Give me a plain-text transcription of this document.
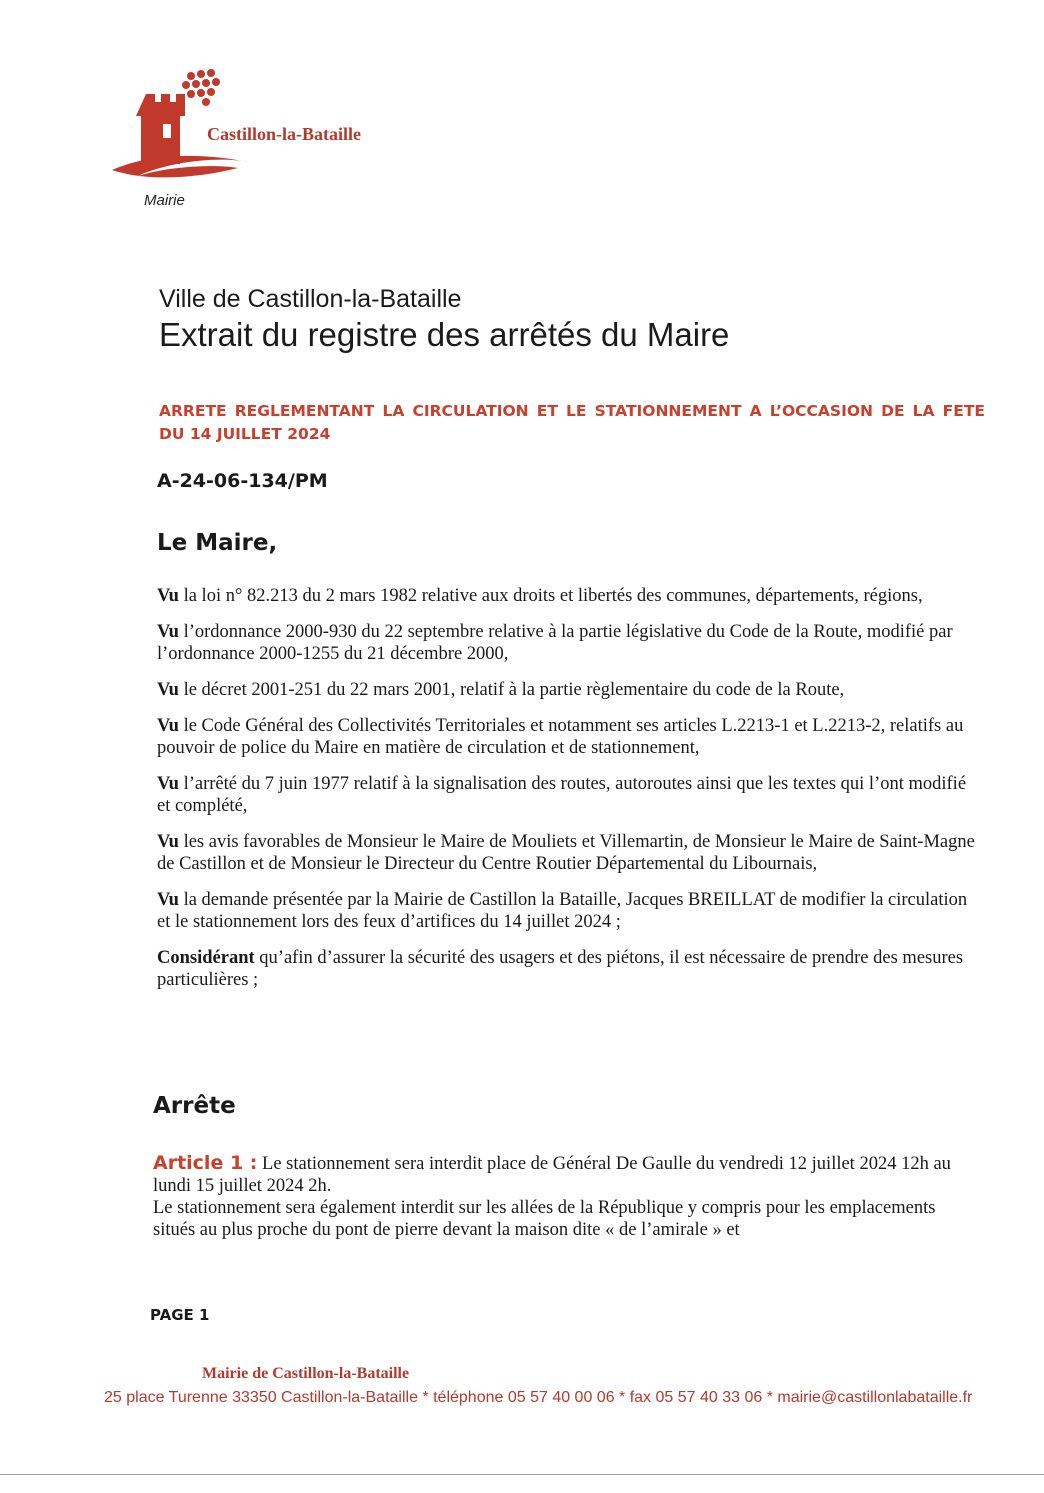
Castillon-la-Bataille
Mairie
Ville de Castillon-la-Bataille
Extrait du registre des arrêtés du Maire
ARRETE REGLEMENTANT LA CIRCULATION ET LE STATIONNEMENT A L’OCCASION DE LA FETE DU 14 JUILLET 2024
A-24-06-134/PM
Le Maire,

Vu la loi n° 82.213 du 2 mars 1982 relative aux droits et libertés des communes, départements, régions,

Vu l’ordonnance 2000-930 du 22 septembre relative à la partie législative du Code de la Route, modifié par l’ordonnance 2000-1255 du 21 décembre 2000,

Vu le décret 2001-251 du 22 mars 2001, relatif à la partie règlementaire du code de la Route,

Vu le Code Général des Collectivités Territoriales et notamment ses articles L.2213-1 et L.2213-2, relatifs au pouvoir de police du Maire en matière de circulation et de stationnement,

Vu l’arrêté du 7 juin 1977 relatif à la signalisation des routes, autoroutes ainsi que les textes qui l’ont modifié et complété,

Vu les avis favorables de Monsieur le Maire de Mouliets et Villemartin, de Monsieur le Maire de Saint-Magne de Castillon et de Monsieur le Directeur du Centre Routier Départemental du Libournais,

Vu la demande présentée par la Mairie de Castillon la Bataille, Jacques BREILLAT de modifier la circulation et le stationnement lors des feux d’artifices du 14 juillet 2024 ;

Considérant qu’afin d’assurer la sécurité des usagers et des piétons, il est nécessaire de prendre des mesures particulières ;

Arrête

Article 1 : Le stationnement sera interdit place de Général De Gaulle du vendredi 12 juillet 2024 12h au lundi 15 juillet 2024 2h.

Le stationnement sera également interdit sur les allées de la République y compris pour les emplacements situés au plus proche du pont de pierre devant la maison dite « de l’amirale » et

PAGE 1
Mairie de Castillon-la-Bataille
25 place Turenne 33350 Castillon-la-Bataille * téléphone 05 57 40 00 06 * fax 05 57 40 33 06 * mairie@castillonlabataille.fr
